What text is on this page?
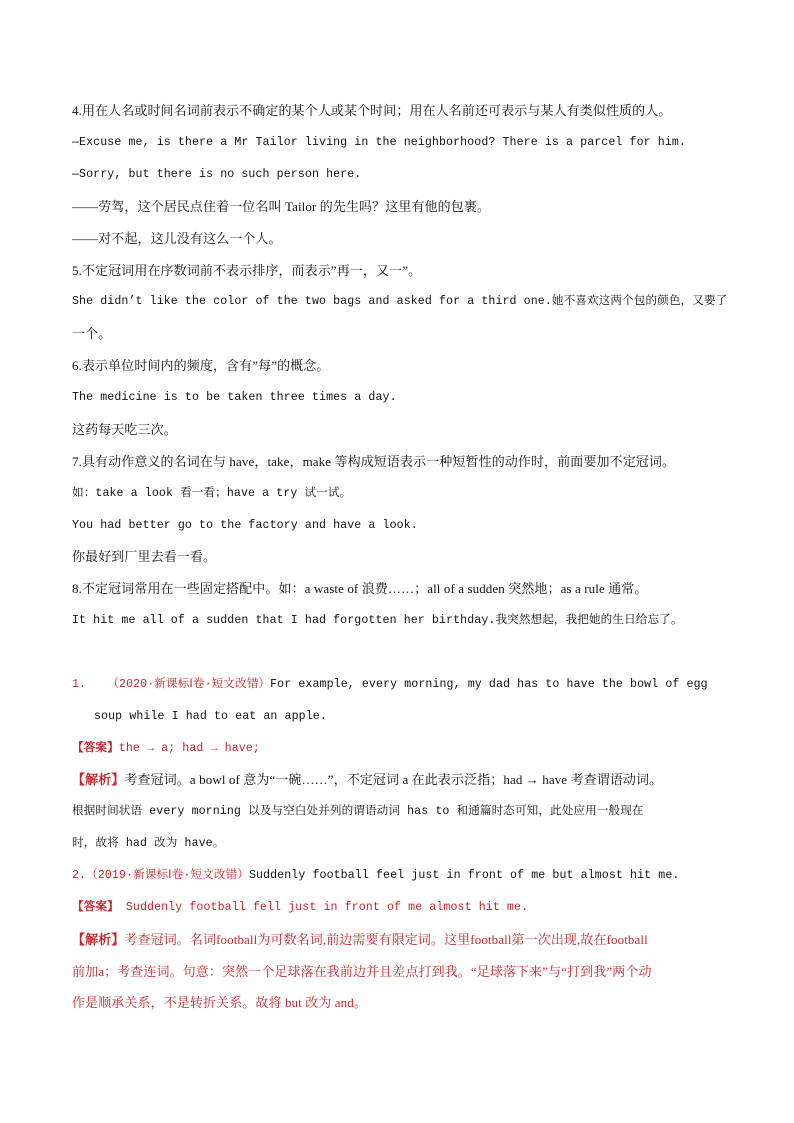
4.用在人名或时间名词前表示不确定的某个人或某个时间；用在人名前还可表示与某人有类似性质的人。
—Excuse me, is there a Mr Tailor living in the neighborhood? There is a parcel for him.
—Sorry, but there is no such person here.
——劳驾，这个居民点住着一位名叫 Tailor 的先生吗？这里有他的包裹。
——对不起，这儿没有这么一个人。
5.不定冠词用在序数词前不表示排序，而表示”再一，又一”。
She didn’t like the color of the two bags and asked for a third one.她不喜欢这两个包的颜色，又要了
一个。
6.表示单位时间内的频度，含有”每”的概念。
The medicine is to be taken three times a day.
这药每天吃三次。
7.具有动作意义的名词在与 have，take，make 等构成短语表示一种短暂性的动作时，前面要加不定冠词。
如：take a look 看一看；have a try 试一试。
You had better go to the factory and have a look.
你最好到厂里去看一看。
8.不定冠词常用在一些固定搭配中。如：a waste of 浪费……；all of a sudden 突然地；as a rule 通常。
It hit me all of a sudden that I had forgotten her birthday.我突然想起，我把她的生日给忘了。
1. （2020·新课标Ⅰ卷·短文改错）For example, every morning, my dad has to have the bowl of egg
soup while I had to eat an apple.
【答案】the → a; had → have;
【解析】考查冠词。a bowl of 意为“一碗……”，不定冠词 a 在此表示泛指；had → have 考查谓语动词。
根据时间状语 every morning 以及与空白处并列的谓语动词 has to 和通篇时态可知，此处应用一般现在
时，故将 had 改为 have。
2.（2019·新课标Ⅰ卷·短文改错）Suddenly football feel just in front of me but almost hit me.
【答案】 Suddenly football fell just in front of me almost hit me.
【解析】考查冠词。名词football为可数名词,前边需要有限定词。这里football第一次出现,故在football
前加a；考查连词。句意：突然一个足球落在我前边并且差点打到我。“足球落下来”与“打到我”两个动
作是顺承关系，不是转折关系。故将 but 改为 and。
